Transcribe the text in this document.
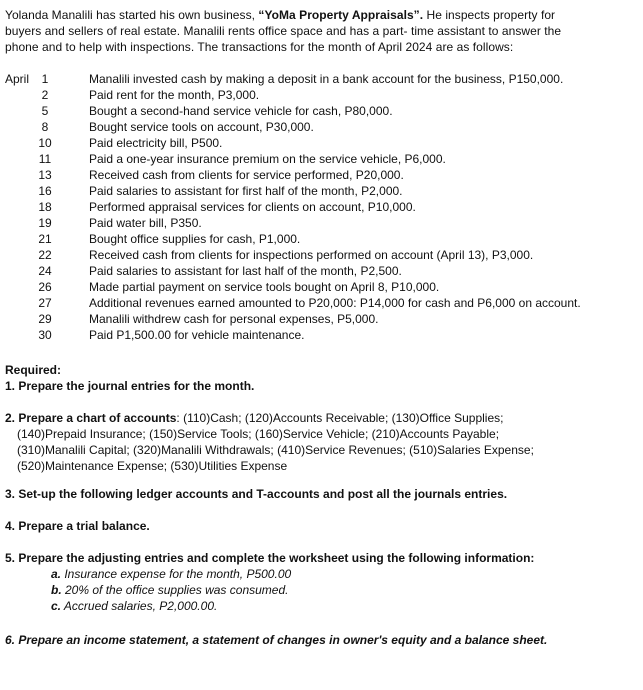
Yolanda Manalili has started his own business, “YoMa Property Appraisals”. He inspects property for
buyers and sellers of real estate. Manalili rents office space and has a part- time assistant to answer the
phone and to help with inspections. The transactions for the month of April 2024 are as follows:
April	1	Manalili invested cash by making a deposit in a bank account for the business, P150,000.
2	Paid rent for the month, P3,000.
5	Bought a second-hand service vehicle for cash, P80,000.
8	Bought service tools on account, P30,000.
10	Paid electricity bill, P500.
11	Paid a one-year insurance premium on the service vehicle, P6,000.
13	Received cash from clients for service performed, P20,000.
16	Paid salaries to assistant for first half of the month, P2,000.
18	Performed appraisal services for clients on account, P10,000.
19	Paid water bill, P350.
21	Bought office supplies for cash, P1,000.
22	Received cash from clients for inspections performed on account (April 13), P3,000.
24	Paid salaries to assistant for last half of the month, P2,500.
26	Made partial payment on service tools bought on April 8, P10,000.
27	Additional revenues earned amounted to P20,000: P14,000 for cash and P6,000 on account.
29	Manalili withdrew cash for personal expenses, P5,000.
30	Paid P1,500.00 for vehicle maintenance.
Required:
1. Prepare the journal entries for the month.
2. Prepare a chart of accounts: (110)Cash; (120)Accounts Receivable; (130)Office Supplies;
(140)Prepaid Insurance; (150)Service Tools; (160)Service Vehicle; (210)Accounts Payable;
(310)Manalili Capital; (320)Manalili Withdrawals; (410)Service Revenues; (510)Salaries Expense;
(520)Maintenance Expense; (530)Utilities Expense
3. Set-up the following ledger accounts and T-accounts and post all the journals entries.
4. Prepare a trial balance.
5. Prepare the adjusting entries and complete the worksheet using the following information:
a. Insurance expense for the month, P500.00
b. 20% of the office supplies was consumed.
c. Accrued salaries, P2,000.00.
6. Prepare an income statement, a statement of changes in owner's equity and a balance sheet.
